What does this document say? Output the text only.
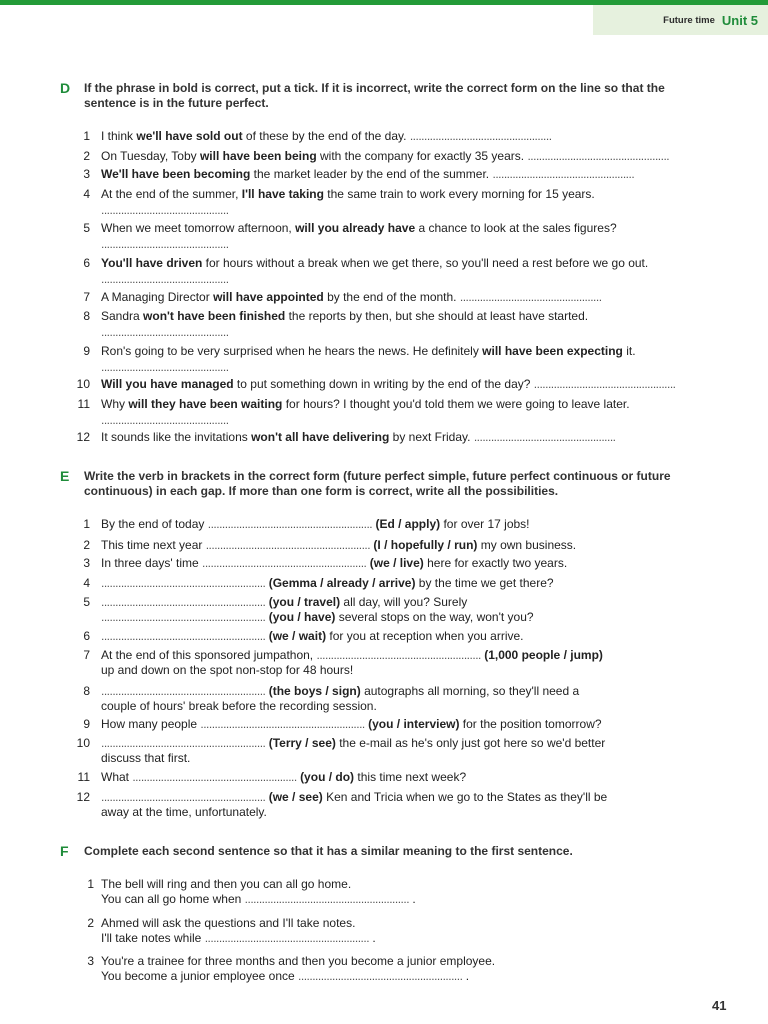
Future time Unit 5
D If the phrase in bold is correct, put a tick. If it is incorrect, write the correct form on the line so that the sentence is in the future perfect.
1 I think we'll have sold out of these by the end of the day. ..................................................
2 On Tuesday, Toby will have been being with the company for exactly 35 years. ..................................................
3 We'll have been becoming the market leader by the end of the summer. ..................................................
4 At the end of the summer, I'll have taking the same train to work every morning for 15 years.
.............................................
5 When we meet tomorrow afternoon, will you already have a chance to look at the sales figures?
.............................................
6 You'll have driven for hours without a break when we get there, so you'll need a rest before we go out.
.............................................
7 A Managing Director will have appointed by the end of the month. ..................................................
8 Sandra won't have been finished the reports by then, but she should at least have started.
.............................................
9 Ron's going to be very surprised when he hears the news. He definitely will have been expecting it.
.............................................
10 Will you have managed to put something down in writing by the end of the day? ..................................................
11 Why will they have been waiting for hours? I thought you'd told them we were going to leave later.
.............................................
12 It sounds like the invitations won't all have delivering by next Friday. ..................................................
E Write the verb in brackets in the correct form (future perfect simple, future perfect continuous or future continuous) in each gap. If more than one form is correct, write all the possibilities.
1 By the end of today .......................................................... (Ed / apply) for over 17 jobs!
2 This time next year .......................................................... (I / hopefully / run) my own business.
3 In three days' time .......................................................... (we / live) here for exactly two years.
4 .......................................................... (Gemma / already / arrive) by the time we get there?
5 .......................................................... (you / travel) all day, will you? Surely
.......................................................... (you / have) several stops on the way, won't you?
6 .......................................................... (we / wait) for you at reception when you arrive.
7 At the end of this sponsored jumpathon, .......................................................... (1,000 people / jump)
up and down on the spot non-stop for 48 hours!
8 .......................................................... (the boys / sign) autographs all morning, so they'll need a
couple of hours' break before the recording session.
9 How many people .......................................................... (you / interview) for the position tomorrow?
10 .......................................................... (Terry / see) the e-mail as he's only just got here so we'd better
discuss that first.
11 What .......................................................... (you / do) this time next week?
12 .......................................................... (we / see) Ken and Tricia when we go to the States as they'll be
away at the time, unfortunately.
F Complete each second sentence so that it has a similar meaning to the first sentence.
1 The bell will ring and then you can all go home.
You can all go home when .......................................................... .
2 Ahmed will ask the questions and I'll take notes.
I'll take notes while .......................................................... .
3 You're a trainee for three months and then you become a junior employee.
You become a junior employee once .......................................................... .
41
